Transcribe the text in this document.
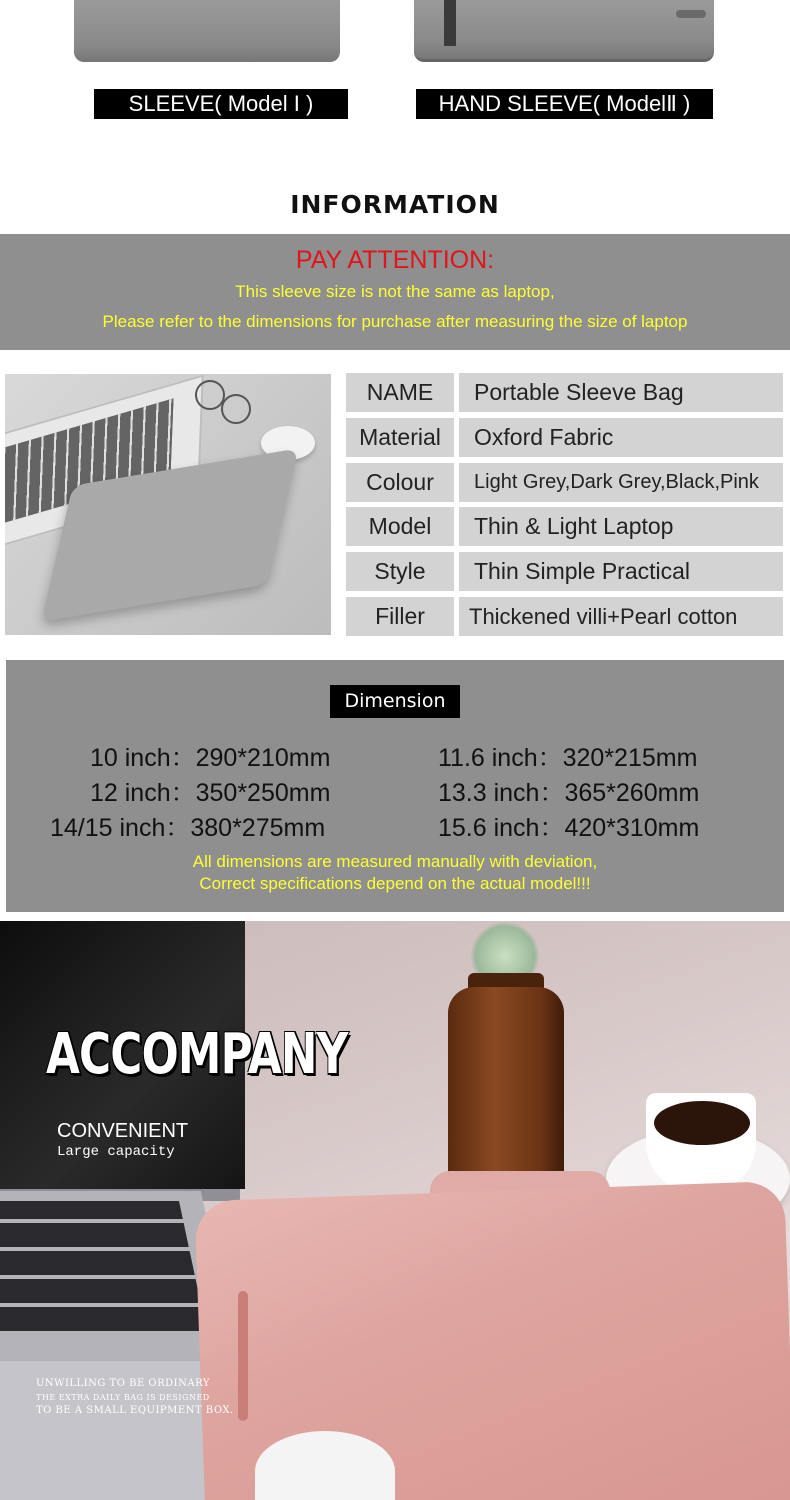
SLEEVE( Model I )	HAND SLEEVE( ModelⅡ )
INFORMATION
PAY ATTENTION:
This sleeve size is not the same as laptop,
Please refer to the dimensions for purchase after measuring the size of laptop
NAME	Portable Sleeve Bag
Material	Oxford Fabric
Colour	Light Grey,Dark Grey,Black,Pink
Model	Thin & Light Laptop
Style	Thin Simple Practical
Filler	Thickened villi+Pearl cotton
Dimension
10 inch：290*210mm	11.6 inch：320*215mm
12 inch：350*250mm	13.3 inch：365*260mm
14/15 inch：380*275mm	15.6 inch：420*310mm
All dimensions are measured manually with deviation,
Correct specifications depend on the actual model!!!
ACCOMPANY
CONVENIENT
Large capacity
UNWILLING TO BE ORDINARY
THE EXTRA DAILY BAG IS DESIGNED
TO BE A SMALL EQUIPMENT BOX.
